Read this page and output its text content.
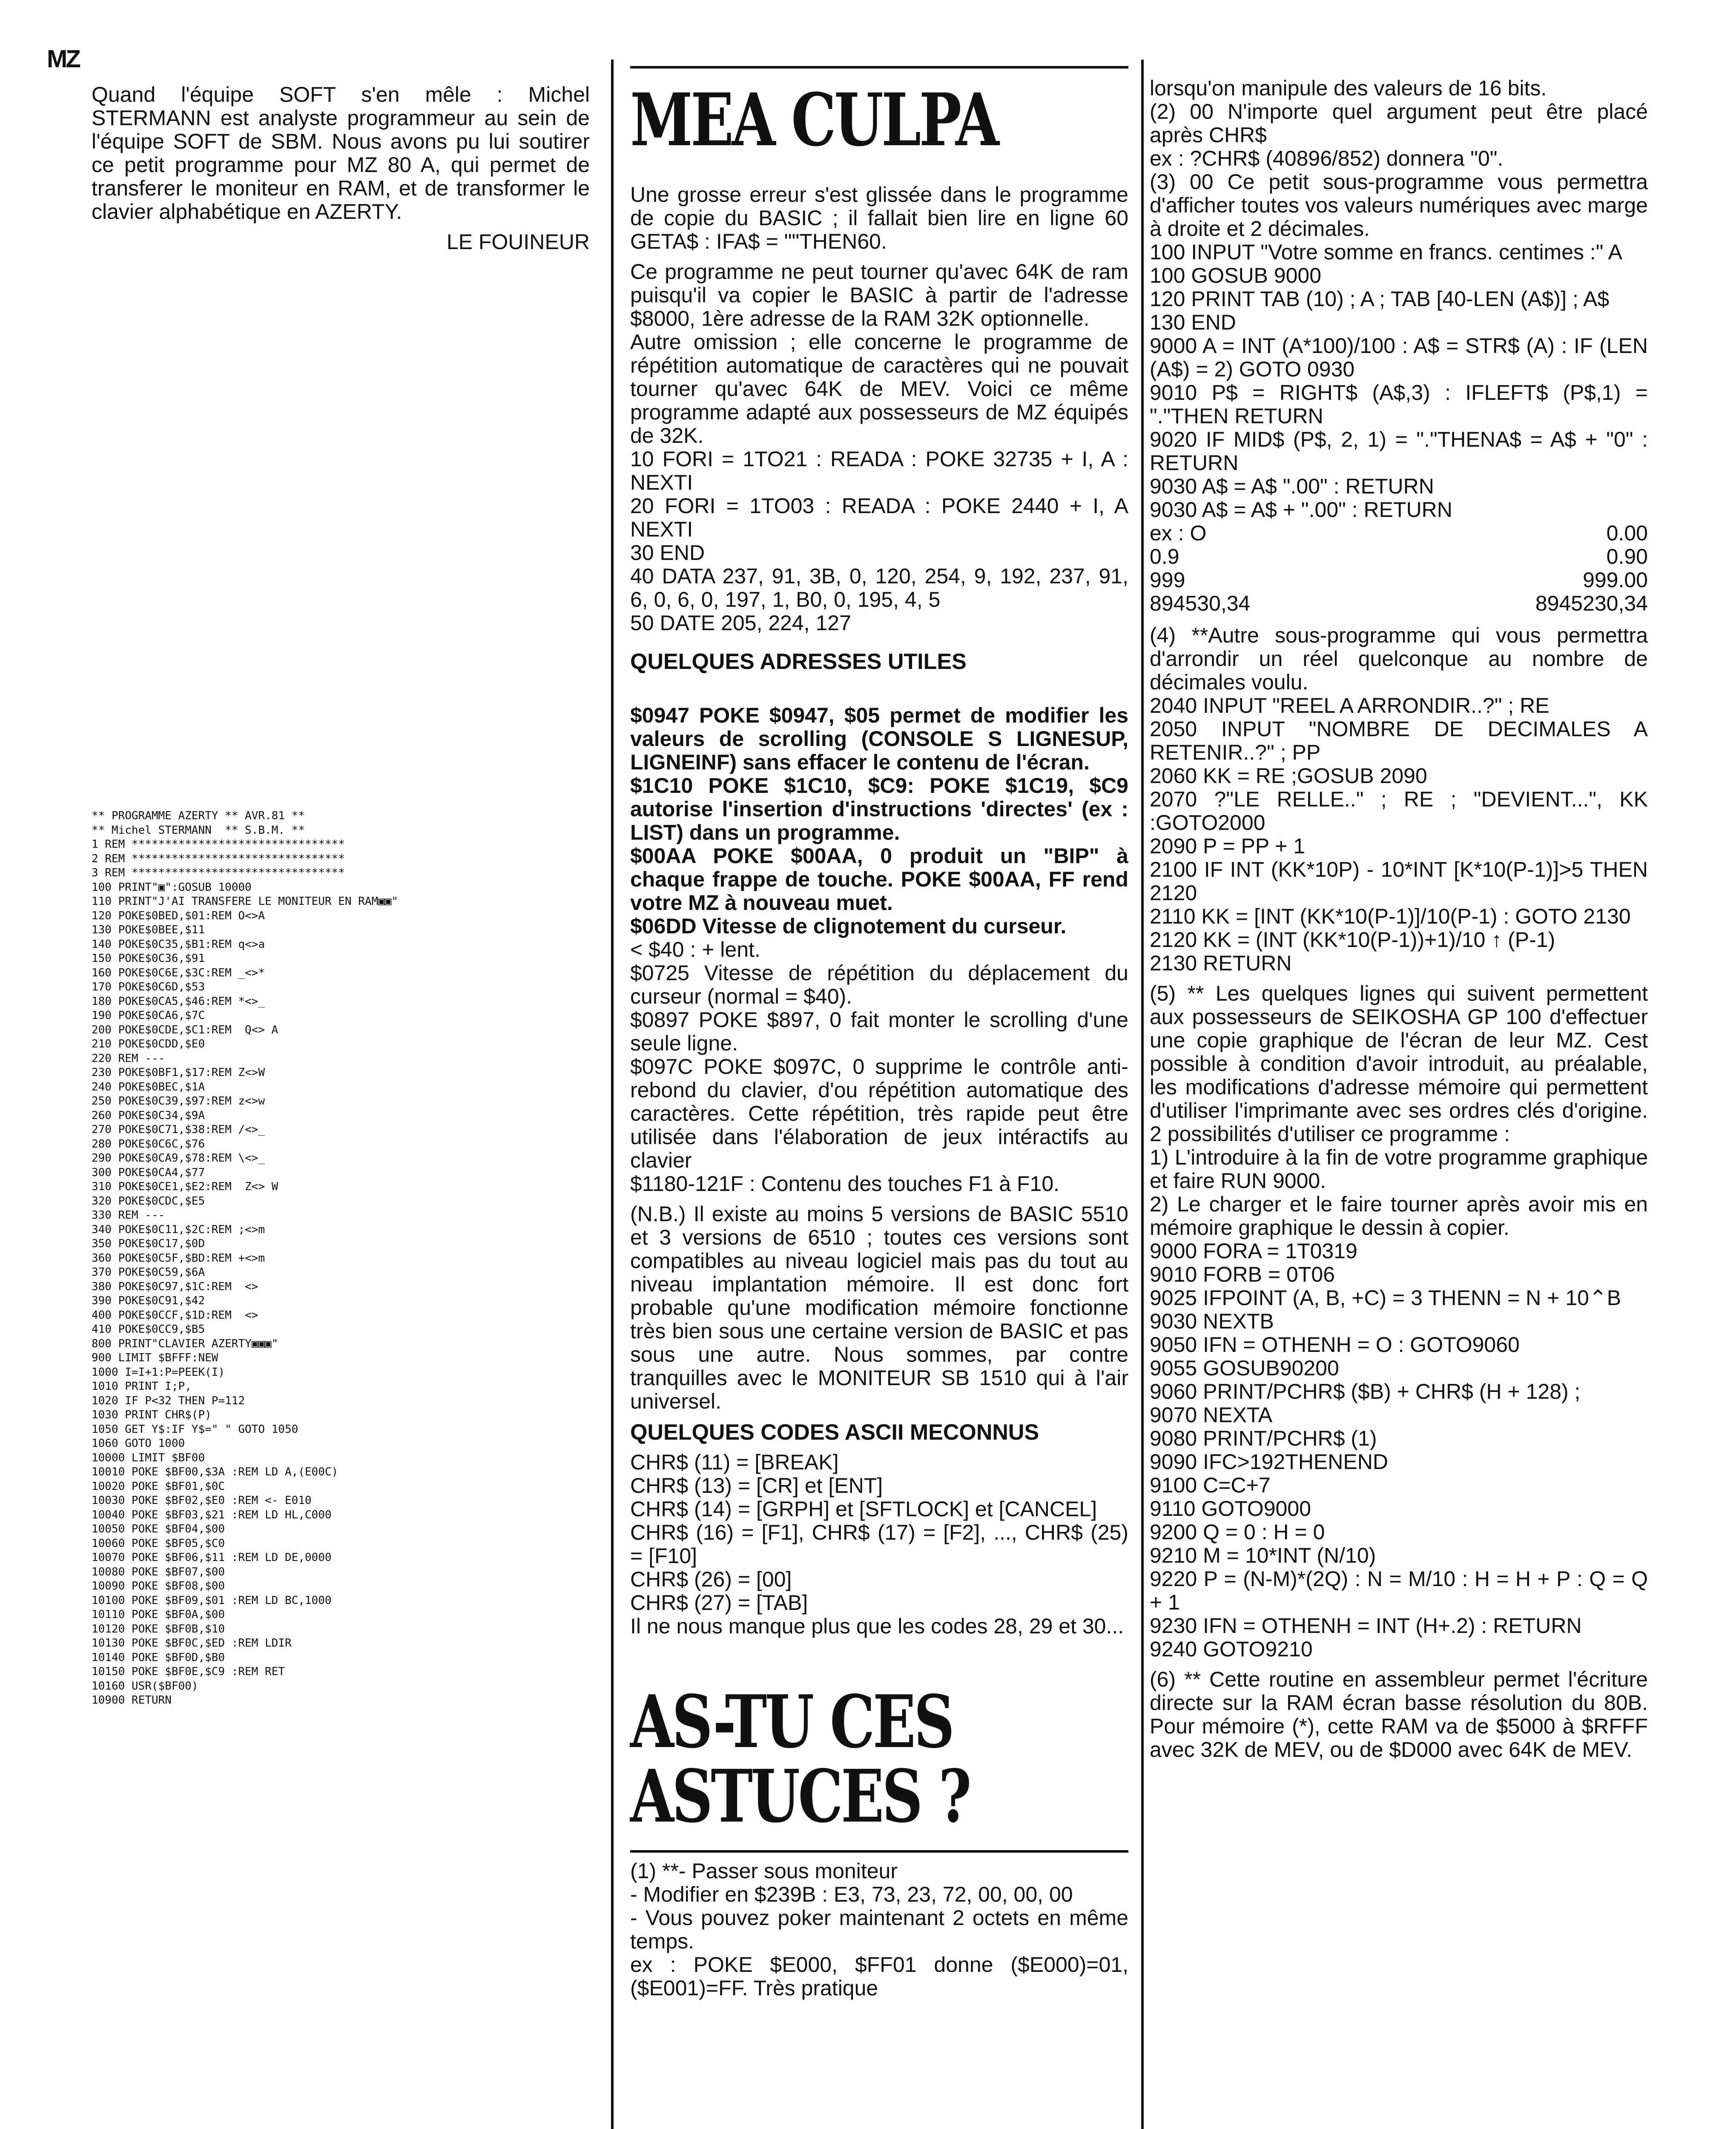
MZ

Quand l'équipe SOFT s'en mêle : Michel STERMANN est analyste programmeur au sein de l'équipe SOFT de SBM. Nous avons pu lui soutirer ce petit programme pour MZ 80 A, qui permet de transferer le moniteur en RAM, et de transformer le clavier alphabétique en AZERTY.

LE FOUINEUR

** PROGRAMME AZERTY ** AVR.81 **
** Michel STERMANN  ** S.B.M. **
1 REM ********************************
2 REM ********************************
3 REM ********************************
100 PRINT"▣":GOSUB 10000
110 PRINT"J'AI TRANSFERE LE MONITEUR EN RAM▣▣"
120 POKE$0BED,$01:REM O<>A
130 POKE$0BEE,$11
140 POKE$0C35,$B1:REM q<>a
150 POKE$0C36,$91
160 POKE$0C6E,$3C:REM _<>*
170 POKE$0C6D,$53
180 POKE$0CA5,$46:REM *<>_
190 POKE$0CA6,$7C
200 POKE$0CDE,$C1:REM  Q<> A
210 POKE$0CDD,$E0
220 REM ---
230 POKE$0BF1,$17:REM Z<>W
240 POKE$0BEC,$1A
250 POKE$0C39,$97:REM z<>w
260 POKE$0C34,$9A
270 POKE$0C71,$38:REM /<>_
280 POKE$0C6C,$76
290 POKE$0CA9,$78:REM \<>_
300 POKE$0CA4,$77
310 POKE$0CE1,$E2:REM  Z<> W
320 POKE$0CDC,$E5
330 REM ---
340 POKE$0C11,$2C:REM ;<>m
350 POKE$0C17,$0D
360 POKE$0C5F,$BD:REM +<>m
370 POKE$0C59,$6A
380 POKE$0C97,$1C:REM  <>
390 POKE$0C91,$42
400 POKE$0CCF,$1D:REM  <>
410 POKE$0CC9,$B5
800 PRINT"CLAVIER AZERTY▣▣▣"
900 LIMIT $BFFF:NEW
1000 I=I+1:P=PEEK(I)
1010 PRINT I;P,
1020 IF P<32 THEN P=112
1030 PRINT CHR$(P)
1050 GET Y$:IF Y$=" " GOTO 1050
1060 GOTO 1000
10000 LIMIT $BF00
10010 POKE $BF00,$3A :REM LD A,(E00C)
10020 POKE $BF01,$0C
10030 POKE $BF02,$E0 :REM <- E010
10040 POKE $BF03,$21 :REM LD HL,C000
10050 POKE $BF04,$00
10060 POKE $BF05,$C0
10070 POKE $BF06,$11 :REM LD DE,0000
10080 POKE $BF07,$00
10090 POKE $BF08,$00
10100 POKE $BF09,$01 :REM LD BC,1000
10110 POKE $BF0A,$00
10120 POKE $BF0B,$10
10130 POKE $BF0C,$ED :REM LDIR
10140 POKE $BF0D,$B0
10150 POKE $BF0E,$C9 :REM RET
10160 USR($BF00)
10900 RETURN
MEA CULPA

Une grosse erreur s'est glissée dans le programme de copie du BASIC ; il fallait bien lire en ligne 60 GETA$ : IFA$ = ""THEN60.

Ce programme ne peut tourner qu'avec 64K de ram puisqu'il va copier le BASIC à partir de l'adresse $8000, 1ère adresse de la RAM 32K optionnelle.
Autre omission ; elle concerne le programme de répétition automatique de caractères qui ne pouvait tourner qu'avec 64K de MEV. Voici ce même programme adapté aux possesseurs de MZ équipés de 32K.
10 FORI = 1TO21 : READA : POKE 32735 + I, A : NEXTI
20 FORI = 1TO03 : READA : POKE 2440 + I, A NEXTI
30 END
40 DATA 237, 91, 3B, 0, 120, 254, 9, 192, 237, 91, 6, 0, 6, 0, 197, 1, B0, 0, 195, 4, 5
50 DATE 205, 224, 127

QUELQUES ADRESSES UTILES

$0947 POKE $0947, $05 permet de modifier les valeurs de scrolling (CONSOLE S LIGNESUP, LIGNEINF) sans effacer le contenu de l'écran.
$1C10 POKE $1C10, $C9: POKE $1C19, $C9 autorise l'insertion d'instructions 'directes' (ex : LIST) dans un programme.
$00AA POKE $00AA, 0 produit un "BIP" à chaque frappe de touche. POKE $00AA, FF rend votre MZ à nouveau muet.
$06DD Vitesse de clignotement du curseur.

< $40 : + lent.
$0725 Vitesse de répétition du déplacement du curseur (normal = $40).
$0897 POKE $897, 0 fait monter le scrolling d'une seule ligne.
$097C POKE $097C, 0 supprime le contrôle anti-rebond du clavier, d'ou répétition automatique des caractères. Cette répétition, très rapide peut être utilisée dans l'élaboration de jeux intéractifs au clavier
$1180-121F : Contenu des touches F1 à F10.

(N.B.) Il existe au moins 5 versions de BASIC 5510 et 3 versions de 6510 ; toutes ces versions sont compatibles au niveau logiciel mais pas du tout au niveau implantation mémoire. Il est donc fort probable qu'une modification mémoire fonctionne très bien sous une certaine version de BASIC et pas sous une autre. Nous sommes, par contre tranquilles avec le MONITEUR SB 1510 qui à l'air universel.

QUELQUES CODES ASCII MECONNUS

CHR$ (11) = [BREAK]
CHR$ (13) = [CR] et [ENT]
CHR$ (14) = [GRPH] et [SFTLOCK] et [CANCEL]
CHR$ (16) = [F1], CHR$ (17) = [F2], ..., CHR$ (25) = [F10]
CHR$ (26) = [00]
CHR$ (27) = [TAB]
Il ne nous manque plus que les codes 28, 29 et 30...

AS-TU CES
ASTUCES ?

(1) **- Passer sous moniteur
- Modifier en $239B : E3, 73, 23, 72, 00, 00, 00
- Vous pouvez poker maintenant 2 octets en même temps.
ex : POKE $E000, $FF01 donne ($E000)=01, ($E001)=FF. Très pratique

lorsqu'on manipule des valeurs de 16 bits.
(2) 00 N'importe quel argument peut être placé après CHR$
ex : ?CHR$ (40896/852) donnera "0".
(3) 00 Ce petit sous-programme vous permettra d'afficher toutes vos valeurs numériques avec marge à droite et 2 décimales.
100 INPUT "Votre somme en francs. centimes :" A
100 GOSUB 9000
120 PRINT TAB (10) ; A ; TAB [40-LEN (A$)] ; A$
130 END
9000 A = INT (A*100)/100 : A$ = STR$ (A) : IF (LEN (A$) = 2) GOTO 0930
9010 P$ = RIGHT$ (A$,3) : IFLEFT$ (P$,1) = "."THEN RETURN
9020 IF MID$ (P$, 2, 1) = "."THENA$ = A$ + "0" : RETURN
9030 A$ = A$ ".00" : RETURN
9030 A$ = A$ + ".00" : RETURN

ex : O	0.00
0.9	0.90
999	999.00
894530,34	8945230,34

(4) **Autre sous-programme qui vous permettra d'arrondir un réel quelconque au nombre de décimales voulu.
2040 INPUT "REEL A ARRONDIR..?" ; RE
2050 INPUT "NOMBRE DE DECIMALES A RETENIR..?" ; PP
2060 KK = RE ;GOSUB 2090
2070 ?"LE RELLE.." ; RE ; "DEVIENT...", KK :GOTO2000
2090 P = PP + 1
2100 IF INT (KK*10P) - 10*INT [K*10(P-1)]>5 THEN 2120
2110 KK = [INT (KK*10(P-1)]/10(P-1) : GOTO 2130
2120 KK = (INT (KK*10(P-1))+1)/10 ↑ (P-1)
2130 RETURN

(5) ** Les quelques lignes qui suivent permettent aux possesseurs de SEIKOSHA GP 100 d'effectuer une copie graphique de l'écran de leur MZ. Cest possible à condition d'avoir introduit, au préalable, les modifications d'adresse mémoire qui permettent d'utiliser l'imprimante avec ses ordres clés d'origine. 2 possibilités d'utiliser ce programme :
1) L'introduire à la fin de votre programme graphique et faire RUN 9000.
2) Le charger et le faire tourner après avoir mis en mémoire graphique le dessin à copier.
9000 FORA = 1T0319
9010 FORB = 0T06
9025 IFPOINT (A, B, +C) = 3 THENN = N + 10⌃B
9030 NEXTB
9050 IFN = OTHENH = O : GOTO9060
9055 GOSUB90200
9060 PRINT/PCHR$ ($B) + CHR$ (H + 128) ;
9070 NEXTA
9080 PRINT/PCHR$ (1)
9090 IFC>192THENEND
9100 C=C+7
9110 GOTO9000
9200 Q = 0 : H = 0
9210 M = 10*INT (N/10)
9220 P = (N-M)*(2Q) : N = M/10 : H = H + P : Q = Q + 1
9230 IFN = OTHENH = INT (H+.2) : RETURN
9240 GOTO9210

(6) ** Cette routine en assembleur permet l'écriture directe sur la RAM écran basse résolution du 80B. Pour mémoire (*), cette RAM va de $5000 à $RFFF avec 32K de MEV, ou de $D000 avec 64K de MEV.
